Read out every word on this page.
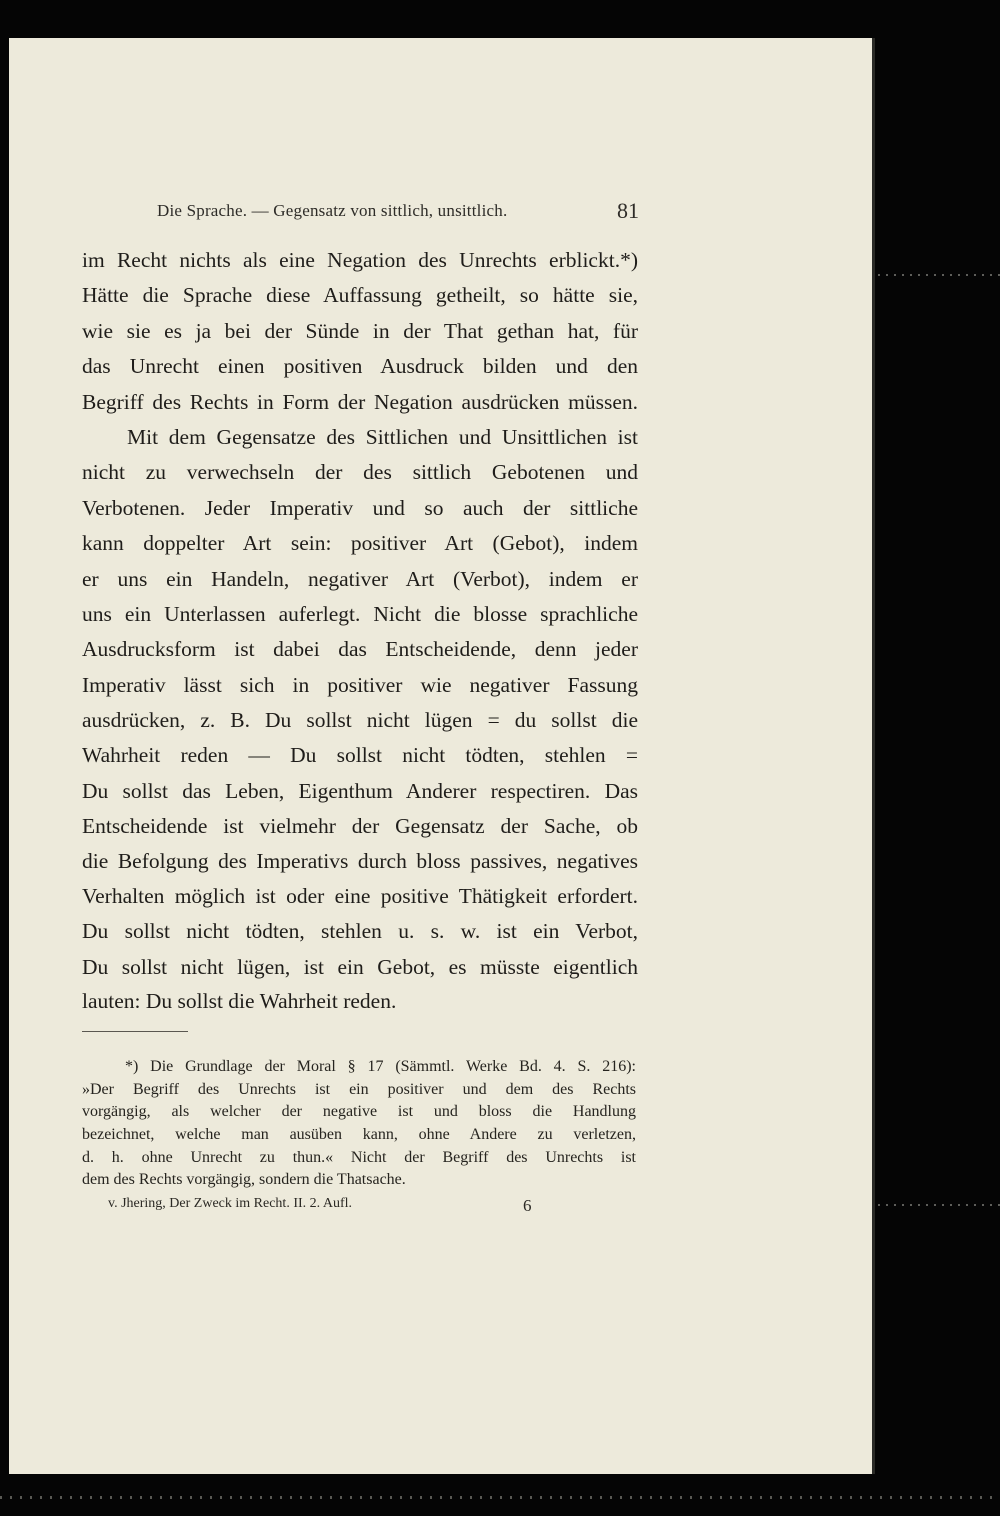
Die Sprache. — Gegensatz von sittlich, unsittlich.	81
im Recht nichts als eine Negation des Unrechts erblickt.*)
Hätte die Sprache diese Auffassung getheilt, so hätte sie,
wie sie es ja bei der Sünde in der That gethan hat, für
das Unrecht einen positiven Ausdruck bilden und den
Begriff des Rechts in Form der Negation ausdrücken müssen.
Mit dem Gegensatze des Sittlichen und Unsittlichen ist
nicht zu verwechseln der des sittlich Gebotenen und
Verbotenen. Jeder Imperativ und so auch der sittliche
kann doppelter Art sein: positiver Art (Gebot), indem
er uns ein Handeln, negativer Art (Verbot), indem er
uns ein Unterlassen auferlegt. Nicht die blosse sprachliche
Ausdrucksform ist dabei das Entscheidende, denn jeder
Imperativ lässt sich in positiver wie negativer Fassung
ausdrücken, z. B. Du sollst nicht lügen = du sollst die
Wahrheit reden — Du sollst nicht tödten, stehlen =
Du sollst das Leben, Eigenthum Anderer respectiren. Das
Entscheidende ist vielmehr der Gegensatz der Sache, ob
die Befolgung des Imperativs durch bloss passives, negatives
Verhalten möglich ist oder eine positive Thätigkeit erfordert.
Du sollst nicht tödten, stehlen u. s. w. ist ein Verbot,
Du sollst nicht lügen, ist ein Gebot, es müsste eigentlich
lauten: Du sollst die Wahrheit reden.
*) Die Grundlage der Moral § 17 (Sämmtl. Werke Bd. 4. S. 216):
»Der Begriff des Unrechts ist ein positiver und dem des Rechts
vorgängig, als welcher der negative ist und bloss die Handlung
bezeichnet, welche man ausüben kann, ohne Andere zu verletzen,
d. h. ohne Unrecht zu thun.« Nicht der Begriff des Unrechts ist
dem des Rechts vorgängig, sondern die Thatsache.
v. Jhering, Der Zweck im Recht. II. 2. Aufl.	6
